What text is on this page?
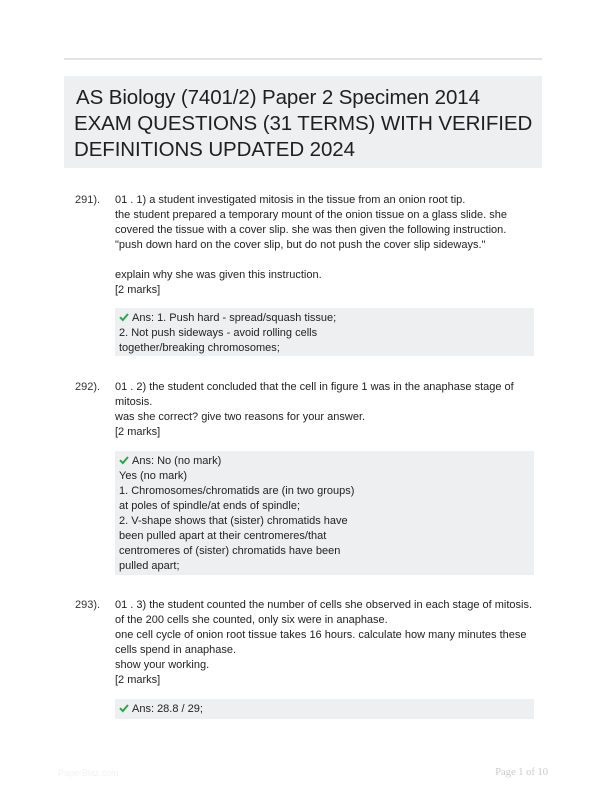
AS Biology (7401/2) Paper 2 Specimen 2014
EXAM QUESTIONS (31 TERMS) WITH VERIFIED
DEFINITIONS UPDATED 2024
291). 01 . 1) a student investigated mitosis in the tissue from an onion root tip.
the student prepared a temporary mount of the onion tissue on a glass slide. she
covered the tissue with a cover slip. she was then given the following instruction.
"push down hard on the cover slip, but do not push the cover slip sideways."
explain why she was given this instruction.
[2 marks]
Ans: 1. Push hard - spread/squash tissue;
2. Not push sideways - avoid rolling cells
together/breaking chromosomes;
292). 01 . 2) the student concluded that the cell in figure 1 was in the anaphase stage of
mitosis.
was she correct? give two reasons for your answer.
[2 marks]
Ans: No (no mark)
Yes (no mark)
1. Chromosomes/chromatids are (in two groups)
at poles of spindle/at ends of spindle;
2. V-shape shows that (sister) chromatids have
been pulled apart at their centromeres/that
centromeres of (sister) chromatids have been
pulled apart;
293). 01 . 3) the student counted the number of cells she observed in each stage of mitosis.
of the 200 cells she counted, only six were in anaphase.
one cell cycle of onion root tissue takes 16 hours. calculate how many minutes these
cells spend in anaphase.
show your working.
[2 marks]
Ans: 28.8 / 29;
PaperBlitz.com	Page 1 of 10
